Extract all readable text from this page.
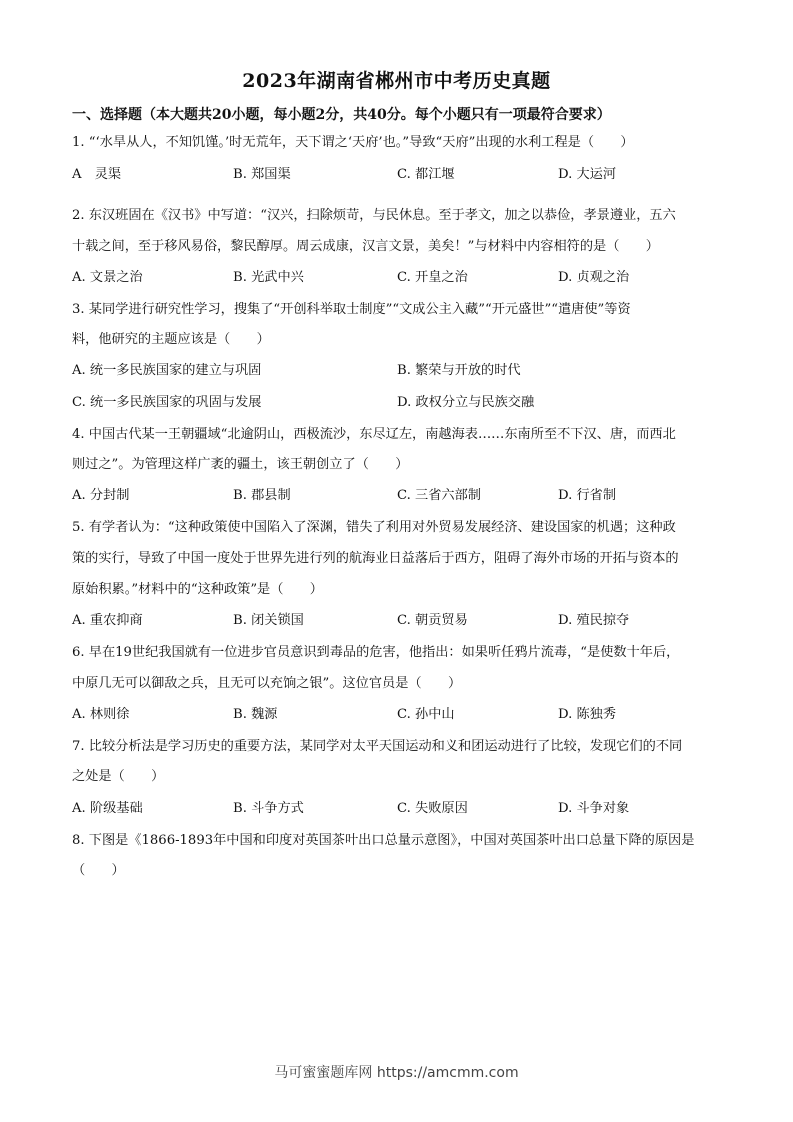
2023年湖南省郴州市中考历史真题
一、选择题（本大题共20小题，每小题2分，共40分。每个小题只有一项最符合要求）
1. “‘水旱从人，不知饥馑。’时无荒年，天下谓之‘天府’也。”导致“天府”出现的水利工程是（　　）
A　灵渠	B. 郑国渠	C. 都江堰	D. 大运河
2. 东汉班固在《汉书》中写道：“汉兴，扫除烦苛，与民休息。至于孝文，加之以恭俭，孝景遵业，五六
十载之间，至于移风易俗，黎民醇厚。周云成康，汉言文景，美矣！”与材料中内容相符的是（　　）
A. 文景之治	B. 光武中兴	C. 开皇之治	D. 贞观之治
3. 某同学进行研究性学习，搜集了“开创科举取士制度”“文成公主入藏”“开元盛世”“遣唐使”等资
料，他研究的主题应该是（　　）
A. 统一多民族国家的建立与巩固	B. 繁荣与开放的时代
C. 统一多民族国家的巩固与发展	D. 政权分立与民族交融
4. 中国古代某一王朝疆域“北逾阴山，西极流沙，东尽辽左，南越海表……东南所至不下汉、唐，而西北
则过之”。为管理这样广袤的疆土，该王朝创立了（　　）
A. 分封制	B. 郡县制	C. 三省六部制	D. 行省制
5. 有学者认为：“这种政策使中国陷入了深渊，错失了利用对外贸易发展经济、建设国家的机遇；这种政
策的实行，导致了中国一度处于世界先进行列的航海业日益落后于西方，阻碍了海外市场的开拓与资本的
原始积累。”材料中的“这种政策”是（　　）
A. 重农抑商	B. 闭关锁国	C. 朝贡贸易	D. 殖民掠夺
6. 早在19世纪我国就有一位进步官员意识到毒品的危害，他指出：如果听任鸦片流毒，“是使数十年后，
中原几无可以御敌之兵，且无可以充饷之银”。这位官员是（　　）
A. 林则徐	B. 魏源	C. 孙中山	D. 陈独秀
7. 比较分析法是学习历史的重要方法，某同学对太平天国运动和义和团运动进行了比较，发现它们的不同
之处是（　　）
A. 阶级基础	B. 斗争方式	C. 失败原因	D. 斗争对象
8. 下图是《1866-1893年中国和印度对英国茶叶出口总量示意图》，中国对英国茶叶出口总量下降的原因是
（　　）
马可蜜蜜题库网 https://amcmm.com
